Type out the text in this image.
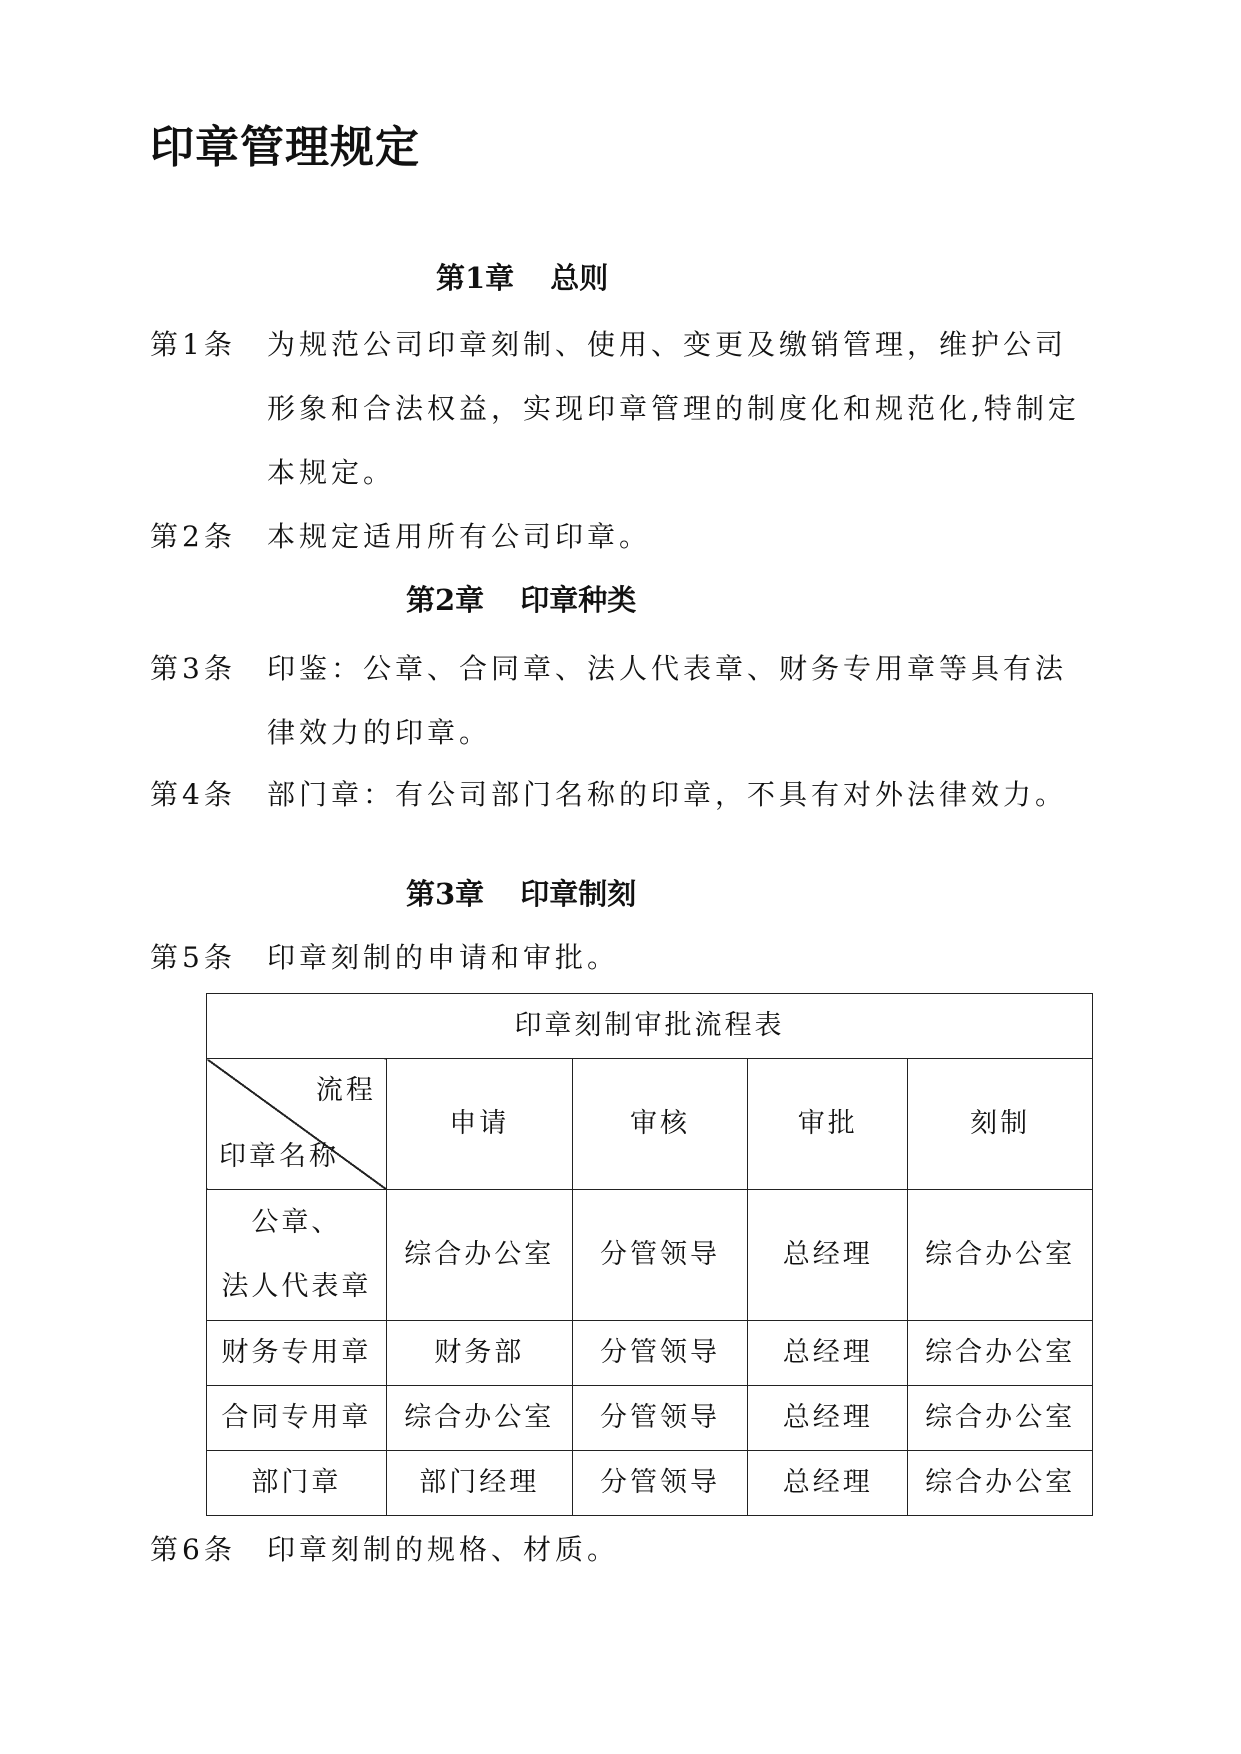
印章管理规定
第1章 总则
第1条 为规范公司印章刻制、使用、变更及缴销管理，维护公司形象和合法权益，实现印章管理的制度化和规范化,特制定本规定。
第2条 本规定适用所有公司印章。
第2章 印章种类
第3条 印鉴：公章、合同章、法人代表章、财务专用章等具有法律效力的印章。
第4条 部门章：有公司部门名称的印章，不具有对外法律效力。
第3章 印章制刻
第5条 印章刻制的申请和审批。
印章刻制审批流程表				

流程
印章名称	申请	审核	审批	刻制

公章、
法人代表章	综合办公室	分管领导	总经理	综合办公室
财务专用章	财务部	分管领导	总经理	综合办公室
合同专用章	综合办公室	分管领导	总经理	综合办公室
部门章	部门经理	分管领导	总经理	综合办公室
第6条 印章刻制的规格、材质。
